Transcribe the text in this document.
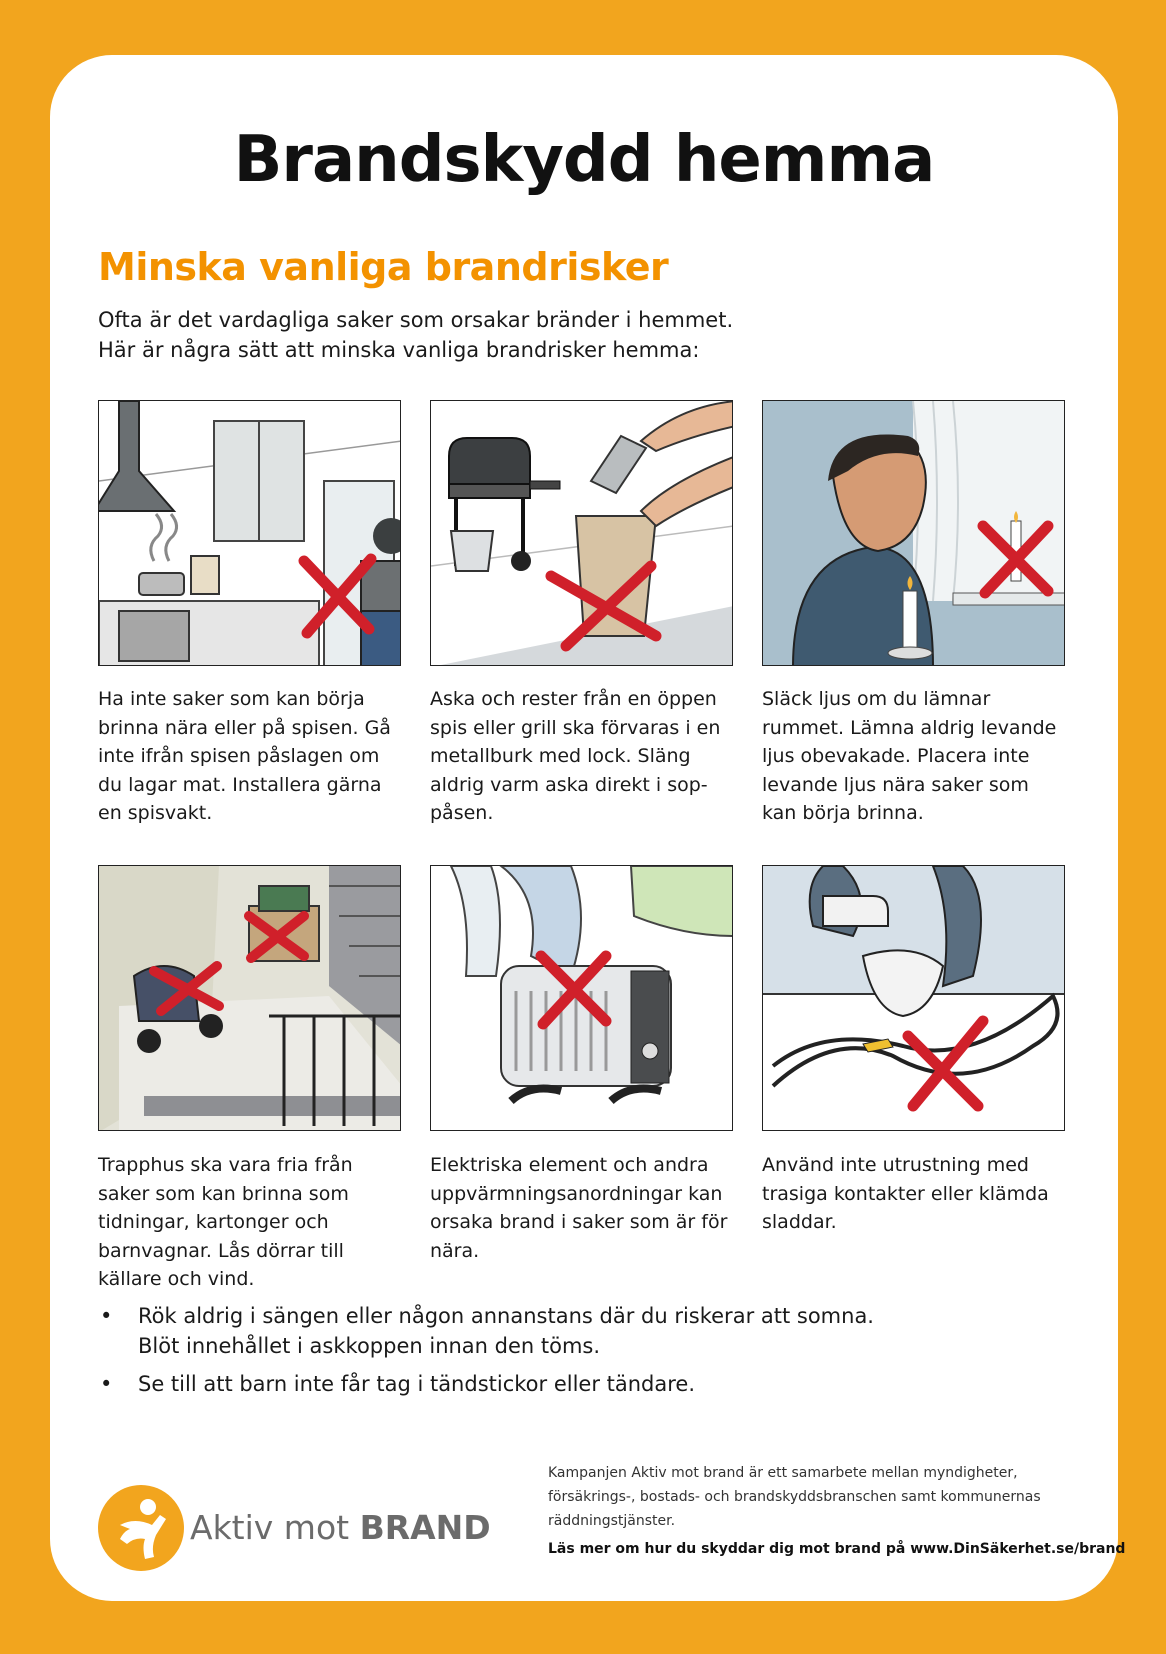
Brandskydd hemma
Minska vanliga brandrisker
Ofta är det vardagliga saker som orsakar bränder i hemmet.
Här är några sätt att minska vanliga brandrisker hemma:
Ha inte saker som kan börja brinna nära eller på spisen. Gå inte ifrån spisen påslagen om du lagar mat. Installera gärna en spisvakt.
Aska och rester från en öppen spis eller grill ska förvaras i en metallburk med lock. Släng aldrig varm aska direkt i sop-påsen.
Släck ljus om du lämnar rummet. Lämna aldrig levande ljus obevakade. Placera inte levande ljus nära saker som kan börja brinna.
Trapphus ska vara fria från saker som kan brinna som tidningar, kartonger och barnvagnar. Lås dörrar till källare och vind.
Elektriska element och andra uppvärmningsanordningar kan orsaka brand i saker som är för nära.
Använd inte utrustning med trasiga kontakter eller klämda sladdar.
• Rök aldrig i sängen eller någon annanstans där du riskerar att somna.
Blöt innehållet i askkoppen innan den töms.
• Se till att barn inte får tag i tändstickor eller tändare.
Aktiv mot BRAND
Kampanjen Aktiv mot brand är ett samarbete mellan myndigheter, försäkrings-, bostads- och brandskyddsbranschen samt kommunernas räddningstjänster.
Läs mer om hur du skyddar dig mot brand på www.DinSäkerhet.se/brand
